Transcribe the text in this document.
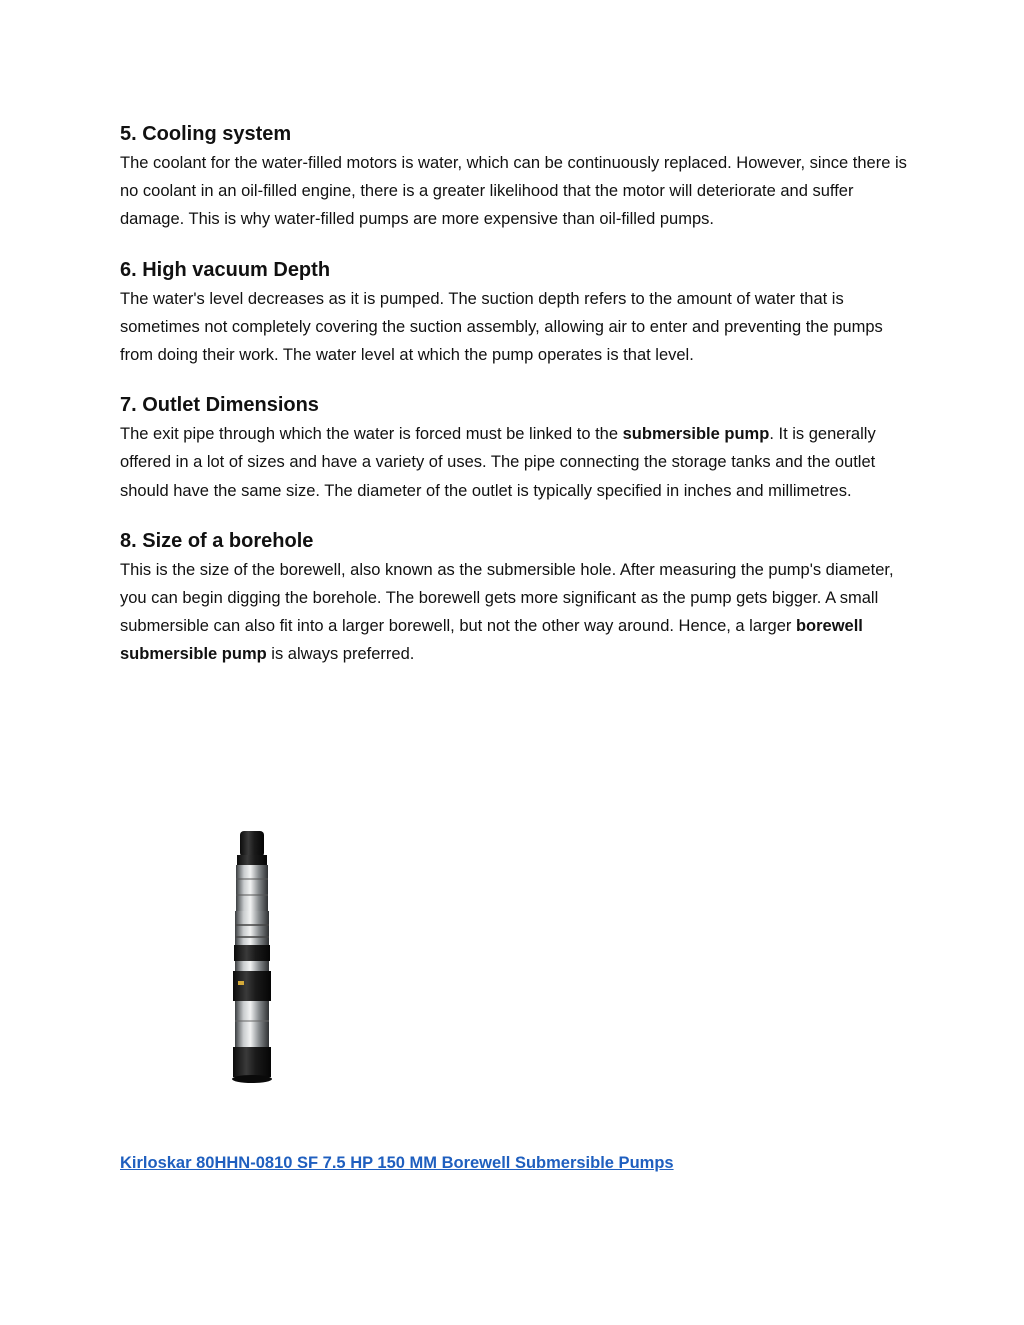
5. Cooling system

The coolant for the water-filled motors is water, which can be continuously replaced. However, since there is no coolant in an oil-filled engine, there is a greater likelihood that the motor will deteriorate and suffer damage. This is why water-filled pumps are more expensive than oil-filled pumps.

6. High vacuum Depth

The water's level decreases as it is pumped. The suction depth refers to the amount of water that is sometimes not completely covering the suction assembly, allowing air to enter and preventing the pumps from doing their work. The water level at which the pump operates is that level.

7. Outlet Dimensions

The exit pipe through which the water is forced must be linked to the submersible pump. It is generally offered in a lot of sizes and have a variety of uses. The pipe connecting the storage tanks and the outlet should have the same size. The diameter of the outlet is typically specified in inches and millimetres.

8. Size of a borehole

This is the size of the borewell, also known as the submersible hole. After measuring the pump's diameter, you can begin digging the borehole. The borewell gets more significant as the pump gets bigger. A small submersible can also fit into a larger borewell, but not the other way around. Hence, a larger borewell submersible pump is always preferred.

Kirloskar 80HHN-0810 SF 7.5 HP 150 MM Borewell Submersible Pumps
